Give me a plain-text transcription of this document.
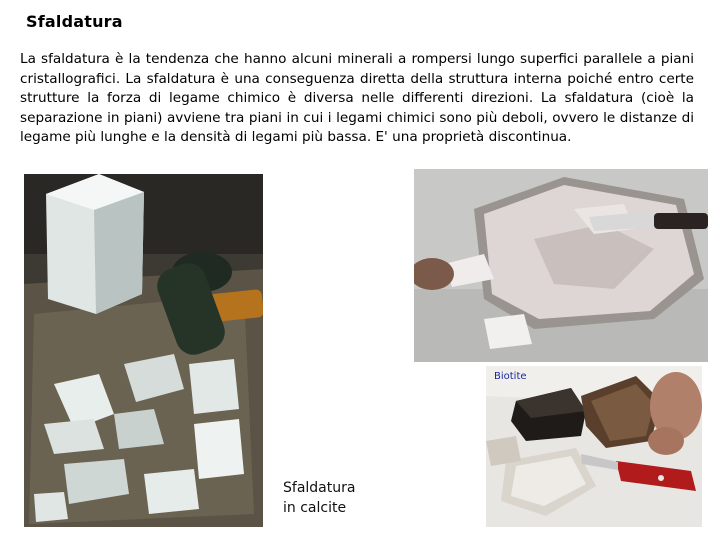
Sfaldatura

La sfaldatura è la tendenza che hanno alcuni minerali a rompersi lungo superfici parallele a piani cristallografici. La sfaldatura è una conseguenza diretta della struttura interna poiché entro certe strutture la forza di legame chimico è diversa nelle differenti direzioni. La sfaldatura (cioè la separazione in piani) avviene tra piani in cui i legami chimici sono più deboli, ovvero le distanze di legame più lunghe e la densità di legami più bassa. E' una proprietà discontinua.

Biotite
Sfaldatura
in calcite
